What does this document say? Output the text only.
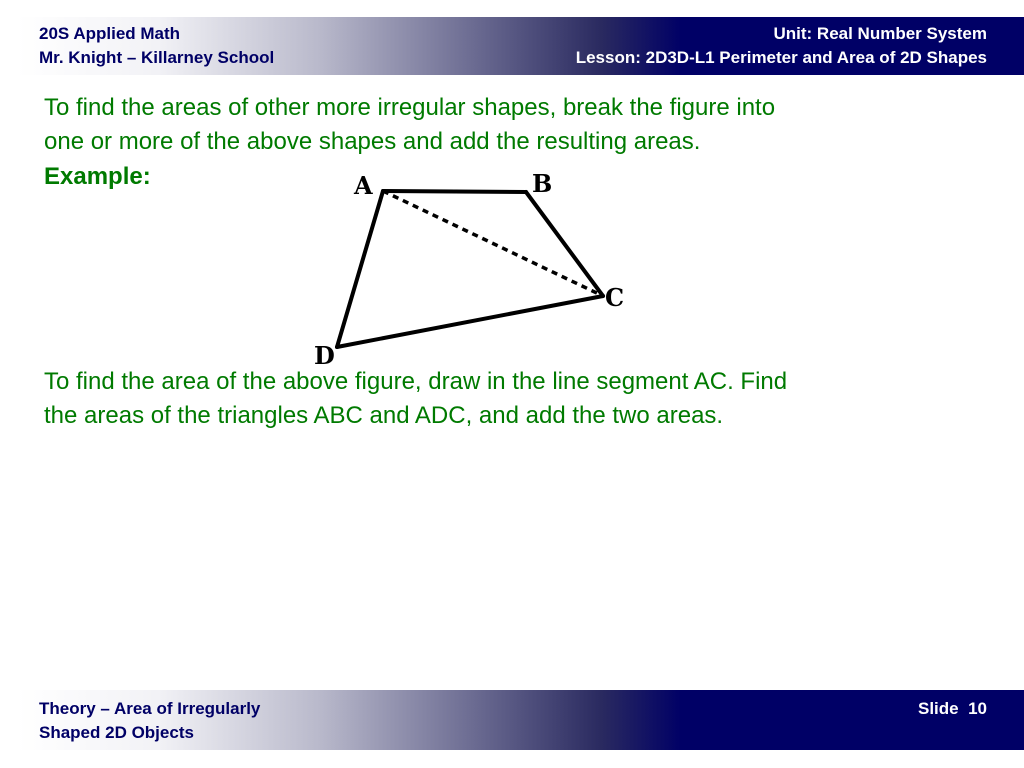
20S Applied Math
Mr. Knight – Killarney School
Unit: Real Number System
Lesson: 2D3D-L1 Perimeter and Area of 2D Shapes

To find the areas of other more irregular shapes, break the figure into
one or more of the above shapes and add the resulting areas.

Example:	A	B
C
D

To find the area of the above figure, draw in the line segment AC. Find
the areas of the triangles ABC and ADC, and add the two areas.

Theory – Area of Irregularly
Shaped 2D Objects
Slide 10
